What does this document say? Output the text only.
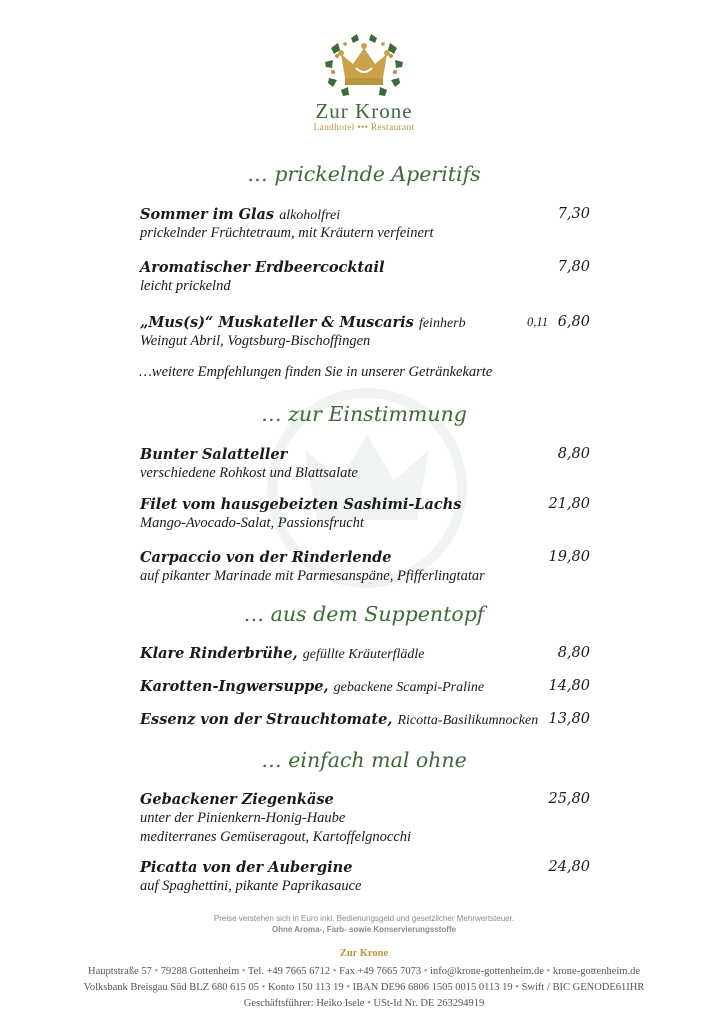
Zur Krone
Landhotel ••• Restaurant
… prickelnde Aperitifs
Sommer im Glas alkoholfrei	7,30
prickelnder Früchtetraum, mit Kräutern verfeinert
Aromatischer Erdbeercocktail	7,80
leicht prickelnd
„Mus(s)“ Muskateller & Muscaris feinherb	0,11 6,80
Weingut Abril, Vogtsburg-Bischoffingen
…weitere Empfehlungen finden Sie in unserer Getränkekarte
… zur Einstimmung
Bunter Salatteller	8,80
verschiedene Rohkost und Blattsalate
Filet vom hausgebeizten Sashimi-Lachs	21,80
Mango-Avocado-Salat, Passionsfrucht
Carpaccio von der Rinderlende	19,80
auf pikanter Marinade mit Parmesanspäne, Pfifferlingtatar
… aus dem Suppentopf
Klare Rinderbrühe, gefüllte Kräuterflädle	8,80
Karotten-Ingwersuppe, gebackene Scampi-Praline	14,80
Essenz von der Strauchtomate, Ricotta-Basilikumnocken 13,80
… einfach mal ohne
Gebackener Ziegenkäse	25,80
unter der Pinienkern-Honig-Haube
mediterranes Gemüseragout, Kartoffelgnocchi
Picatta von der Aubergine	24,80
auf Spaghettini, pikante Paprikasauce
Preise verstehen sich in Euro inkl. Bedienungsgeld und gesetzlicher Mehrwertsteuer.
Ohne Aroma-, Farb- sowie Konservierungsstoffe
Zur Krone
Hauptstraße 57 • 79288 Gottenheim • Tel. +49 7665 6712 • Fax +49 7665 7073 • info@krone-gottenheim.de • krone-gottenheim.de
Volksbank Breisgau Süd BLZ 680 615 05 • Konto 150 113 19 • IBAN DE96 6806 1505 0015 0113 19 • Swift / BIC GENODE61IHR
Geschäftsführer: Heiko Isele • USt-Id Nr. DE 263294919
